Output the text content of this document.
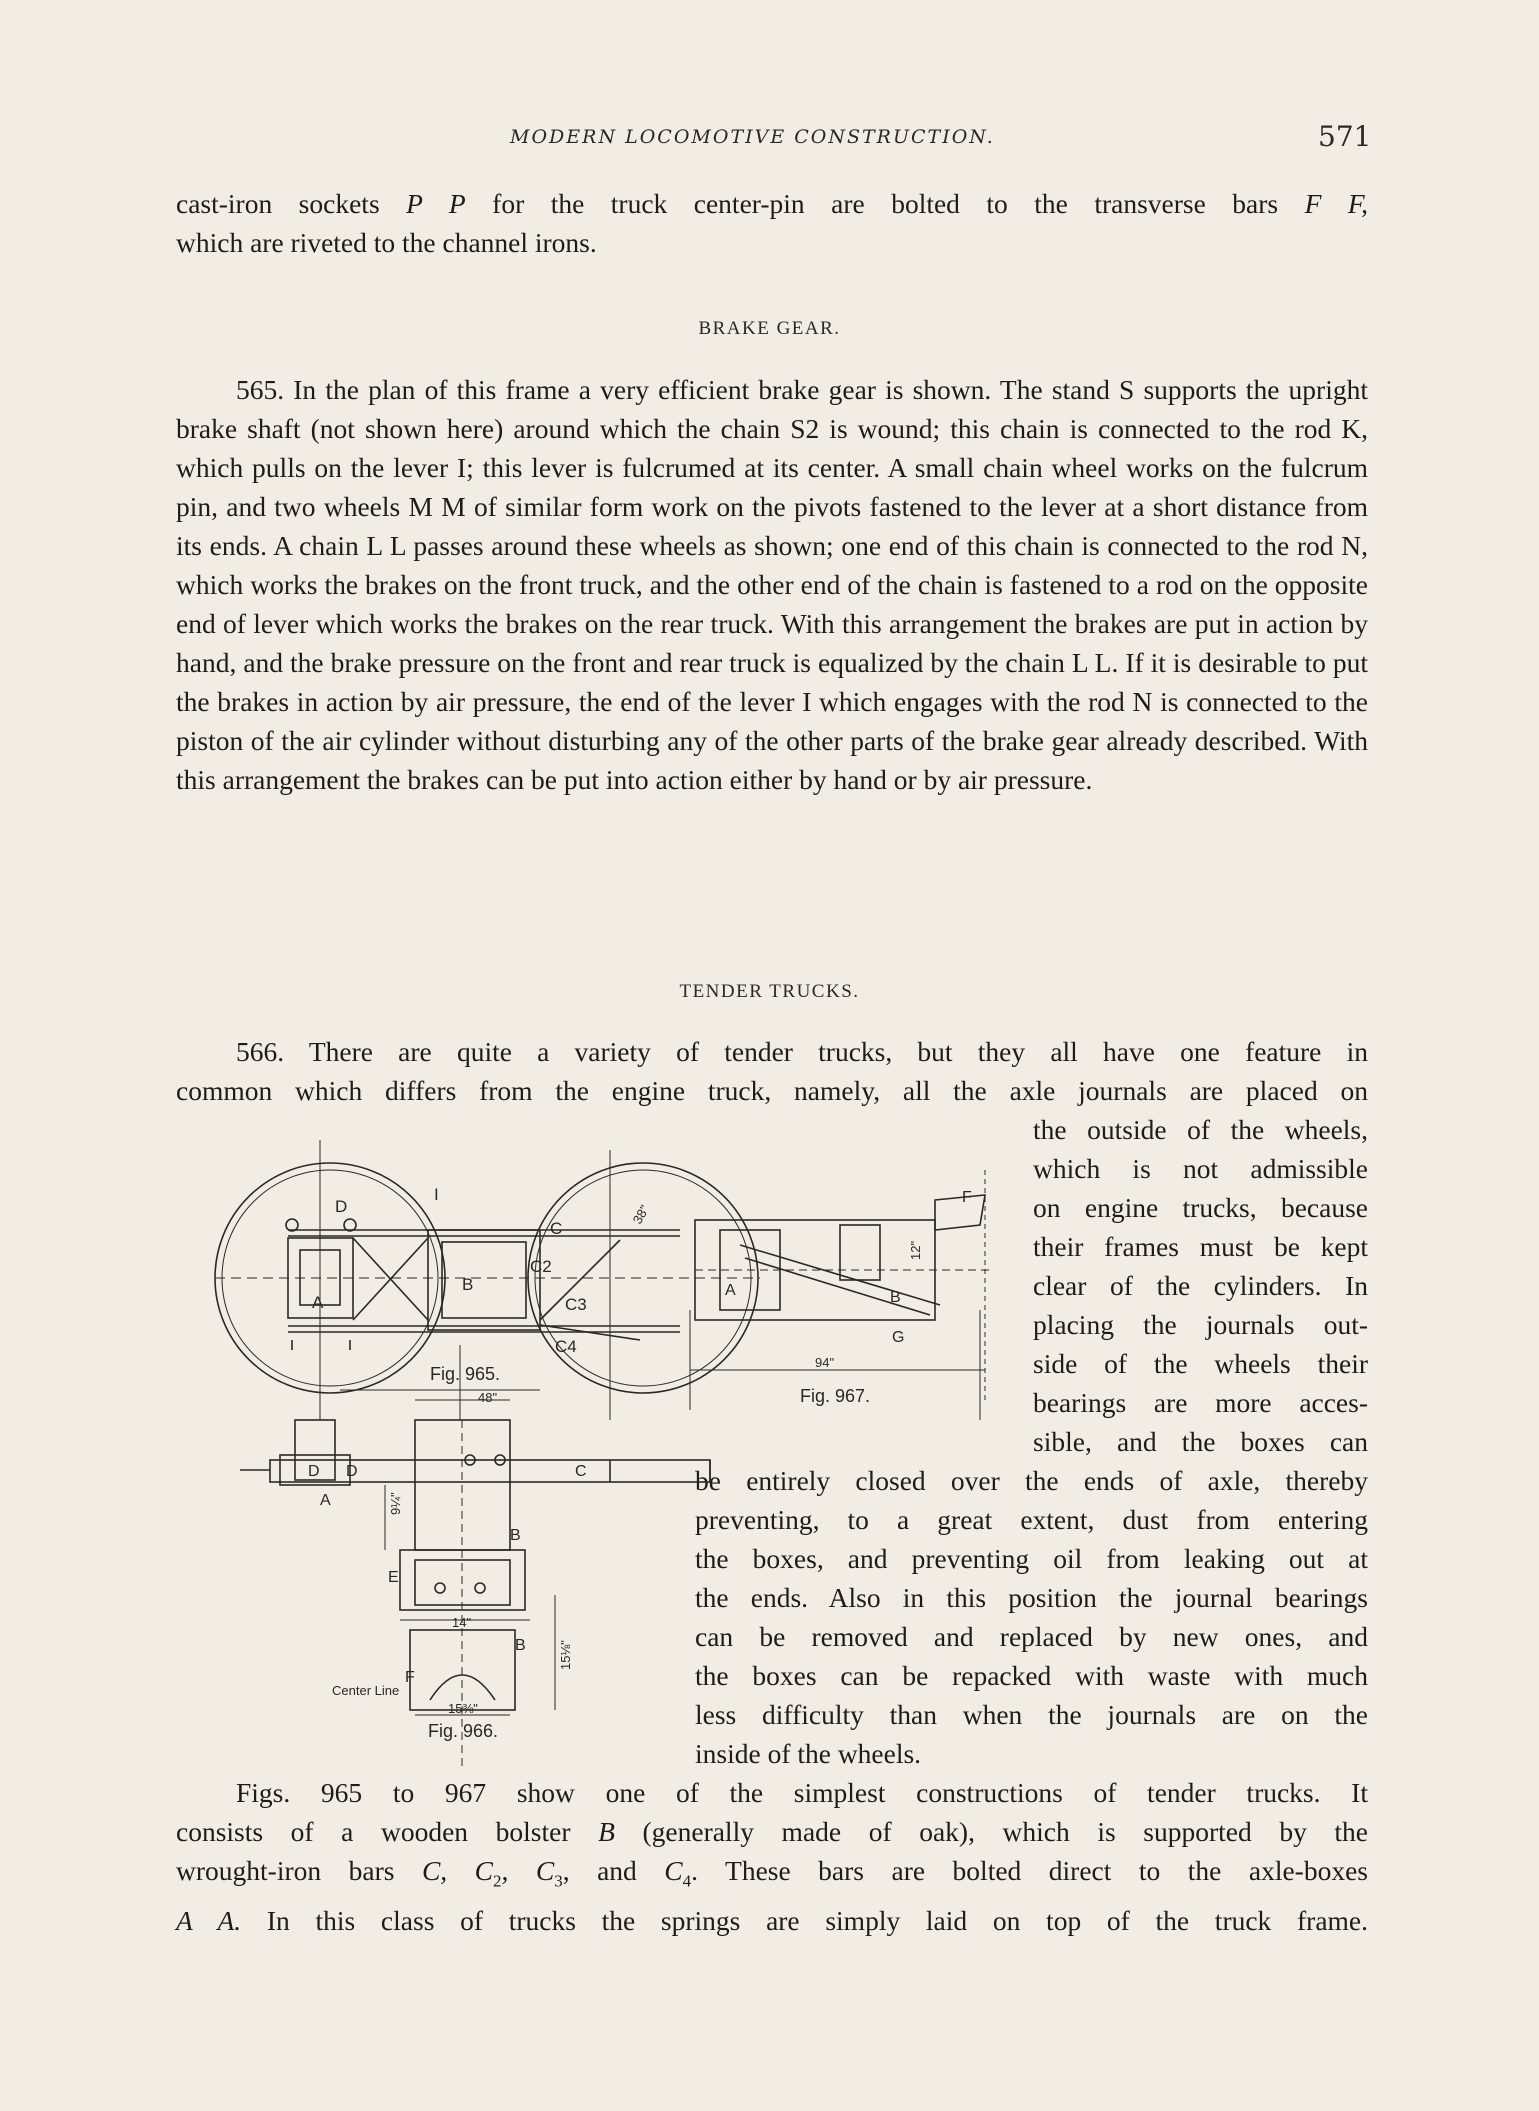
MODERN LOCOMOTIVE CONSTRUCTION.	571
cast-iron sockets P P for the truck center-pin are bolted to the transverse bars F F,
which are riveted to the channel irons.
BRAKE GEAR.

565. In the plan of this frame a very efficient brake gear is shown. The stand S supports the upright brake shaft (not shown here) around which the chain S2 is wound; this chain is connected to the rod K, which pulls on the lever I; this lever is fulcrumed at its center. A small chain wheel works on the fulcrum pin, and two wheels M M of similar form work on the pivots fastened to the lever at a short distance from its ends. A chain L L passes around these wheels as shown; one end of this chain is connected to the rod N, which works the brakes on the front truck, and the other end of the chain is fastened to a rod on the opposite end of lever which works the brakes on the rear truck. With this arrangement the brakes are put in action by hand, and the brake pressure on the front and rear truck is equalized by the chain L L. If it is desirable to put the brakes in action by air pressure, the end of the lever I which engages with the rod N is connected to the piston of the air cylinder without disturbing any of the other parts of the brake gear already described. With this arrangement the brakes can be put into action either by hand or by air pressure.

TENDER TRUCKS.
566. There are quite a variety of tender trucks, but they all have one feature in
common which differs from the engine truck, namely, all the axle journals are placed on
the outside of the wheels,
which is not admissible
on engine trucks, because
their frames must be kept
clear of the cylinders. In
placing the journals out-
side of the wheels their
bearings are more acces-
sible, and the boxes can
be entirely closed over the ends of axle, thereby
preventing, to a great extent, dust from entering
the boxes, and preventing oil from leaking out at
the ends. Also in this position the journal bearings
can be removed and replaced by new ones, and
the boxes can be repacked with waste with much
less difficulty than when the journals are on the
inside of the wheels.
Figs. 965 to 967 show one of the simplest constructions of tender trucks. It
consists of a wooden bolster B (generally made of oak), which is supported by the
wrought-iron bars C, $C_2$, $C_3$, and $C_4$. These bars are bolted direct to the axle-boxes
A A. In this class of trucks the springs are simply laid on top of the truck frame.
D
I
C
C2
C3
C4
B
A
38"
48"
Fig. 965.
A	B
G
F
94"
12"
Fig. 967.
D D	C
A
B
E
B
F
Center Line
9¼"
14"
15⅛"
15⅜"
Fig. 966.
